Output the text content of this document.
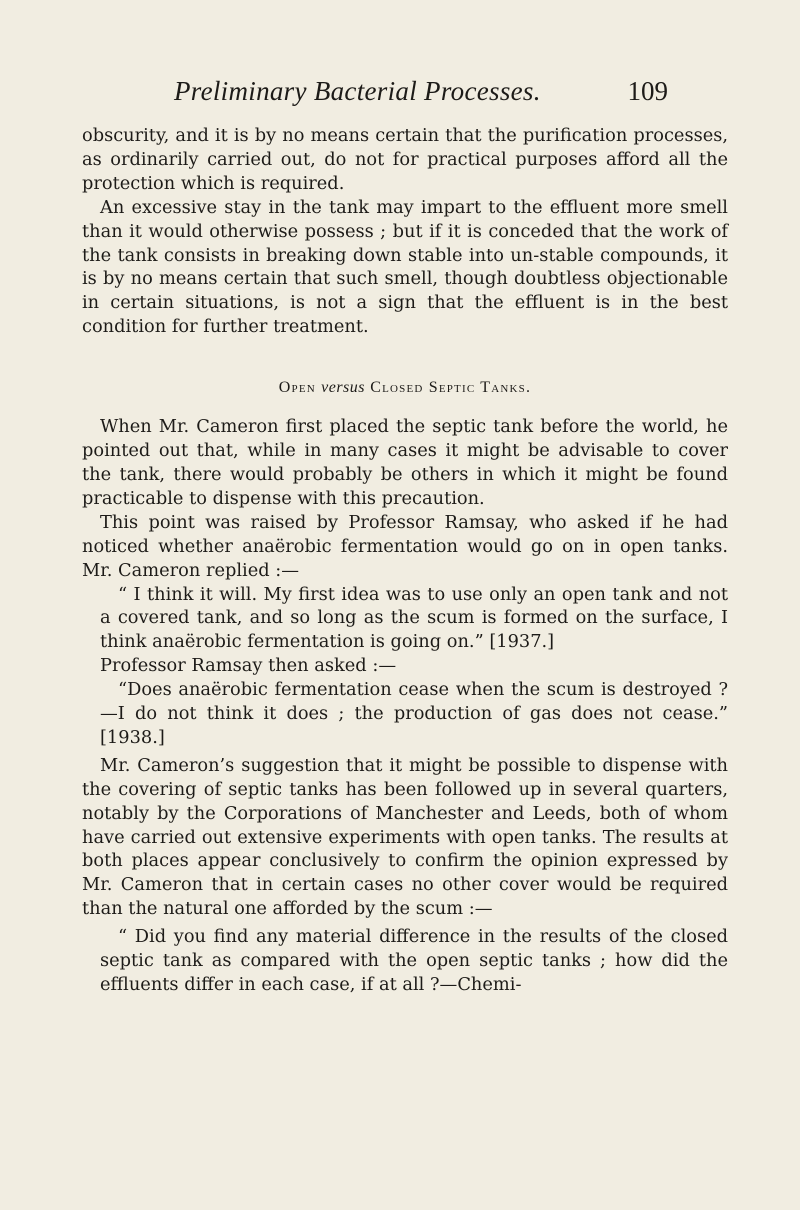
Preliminary Bacterial Processes.	109

obscurity, and it is by no means certain that the purification processes, as ordinarily carried out, do not for practical purposes afford all the protection which is required.

An excessive stay in the tank may impart to the effluent more smell than it would otherwise possess ; but if it is conceded that the work of the tank consists in breaking down stable into un-stable compounds, it is by no means certain that such smell, though doubtless objectionable in certain situations, is not a sign that the effluent is in the best condition for further treatment.

Open versus Closed Septic Tanks.

When Mr. Cameron first placed the septic tank before the world, he pointed out that, while in many cases it might be advisable to cover the tank, there would probably be others in which it might be found practicable to dispense with this precaution.

This point was raised by Professor Ramsay, who asked if he had noticed whether anaërobic fermentation would go on in open tanks. Mr. Cameron replied :—

“ I think it will. My first idea was to use only an open tank and not a covered tank, and so long as the scum is formed on the surface, I think anaërobic fermentation is going on.” [1937.]

Professor Ramsay then asked :—

“Does anaërobic fermentation cease when the scum is destroyed ?—I do not think it does ; the production of gas does not cease.” [1938.]

Mr. Cameron’s suggestion that it might be possible to dispense with the covering of septic tanks has been followed up in several quarters, notably by the Corporations of Manchester and Leeds, both of whom have carried out extensive experiments with open tanks. The results at both places appear conclusively to confirm the opinion expressed by Mr. Cameron that in certain cases no other cover would be required than the natural one afforded by the scum :—

“ Did you find any material difference in the results of the closed septic tank as compared with the open septic tanks ; how did the effluents differ in each case, if at all ?—Chemi-
